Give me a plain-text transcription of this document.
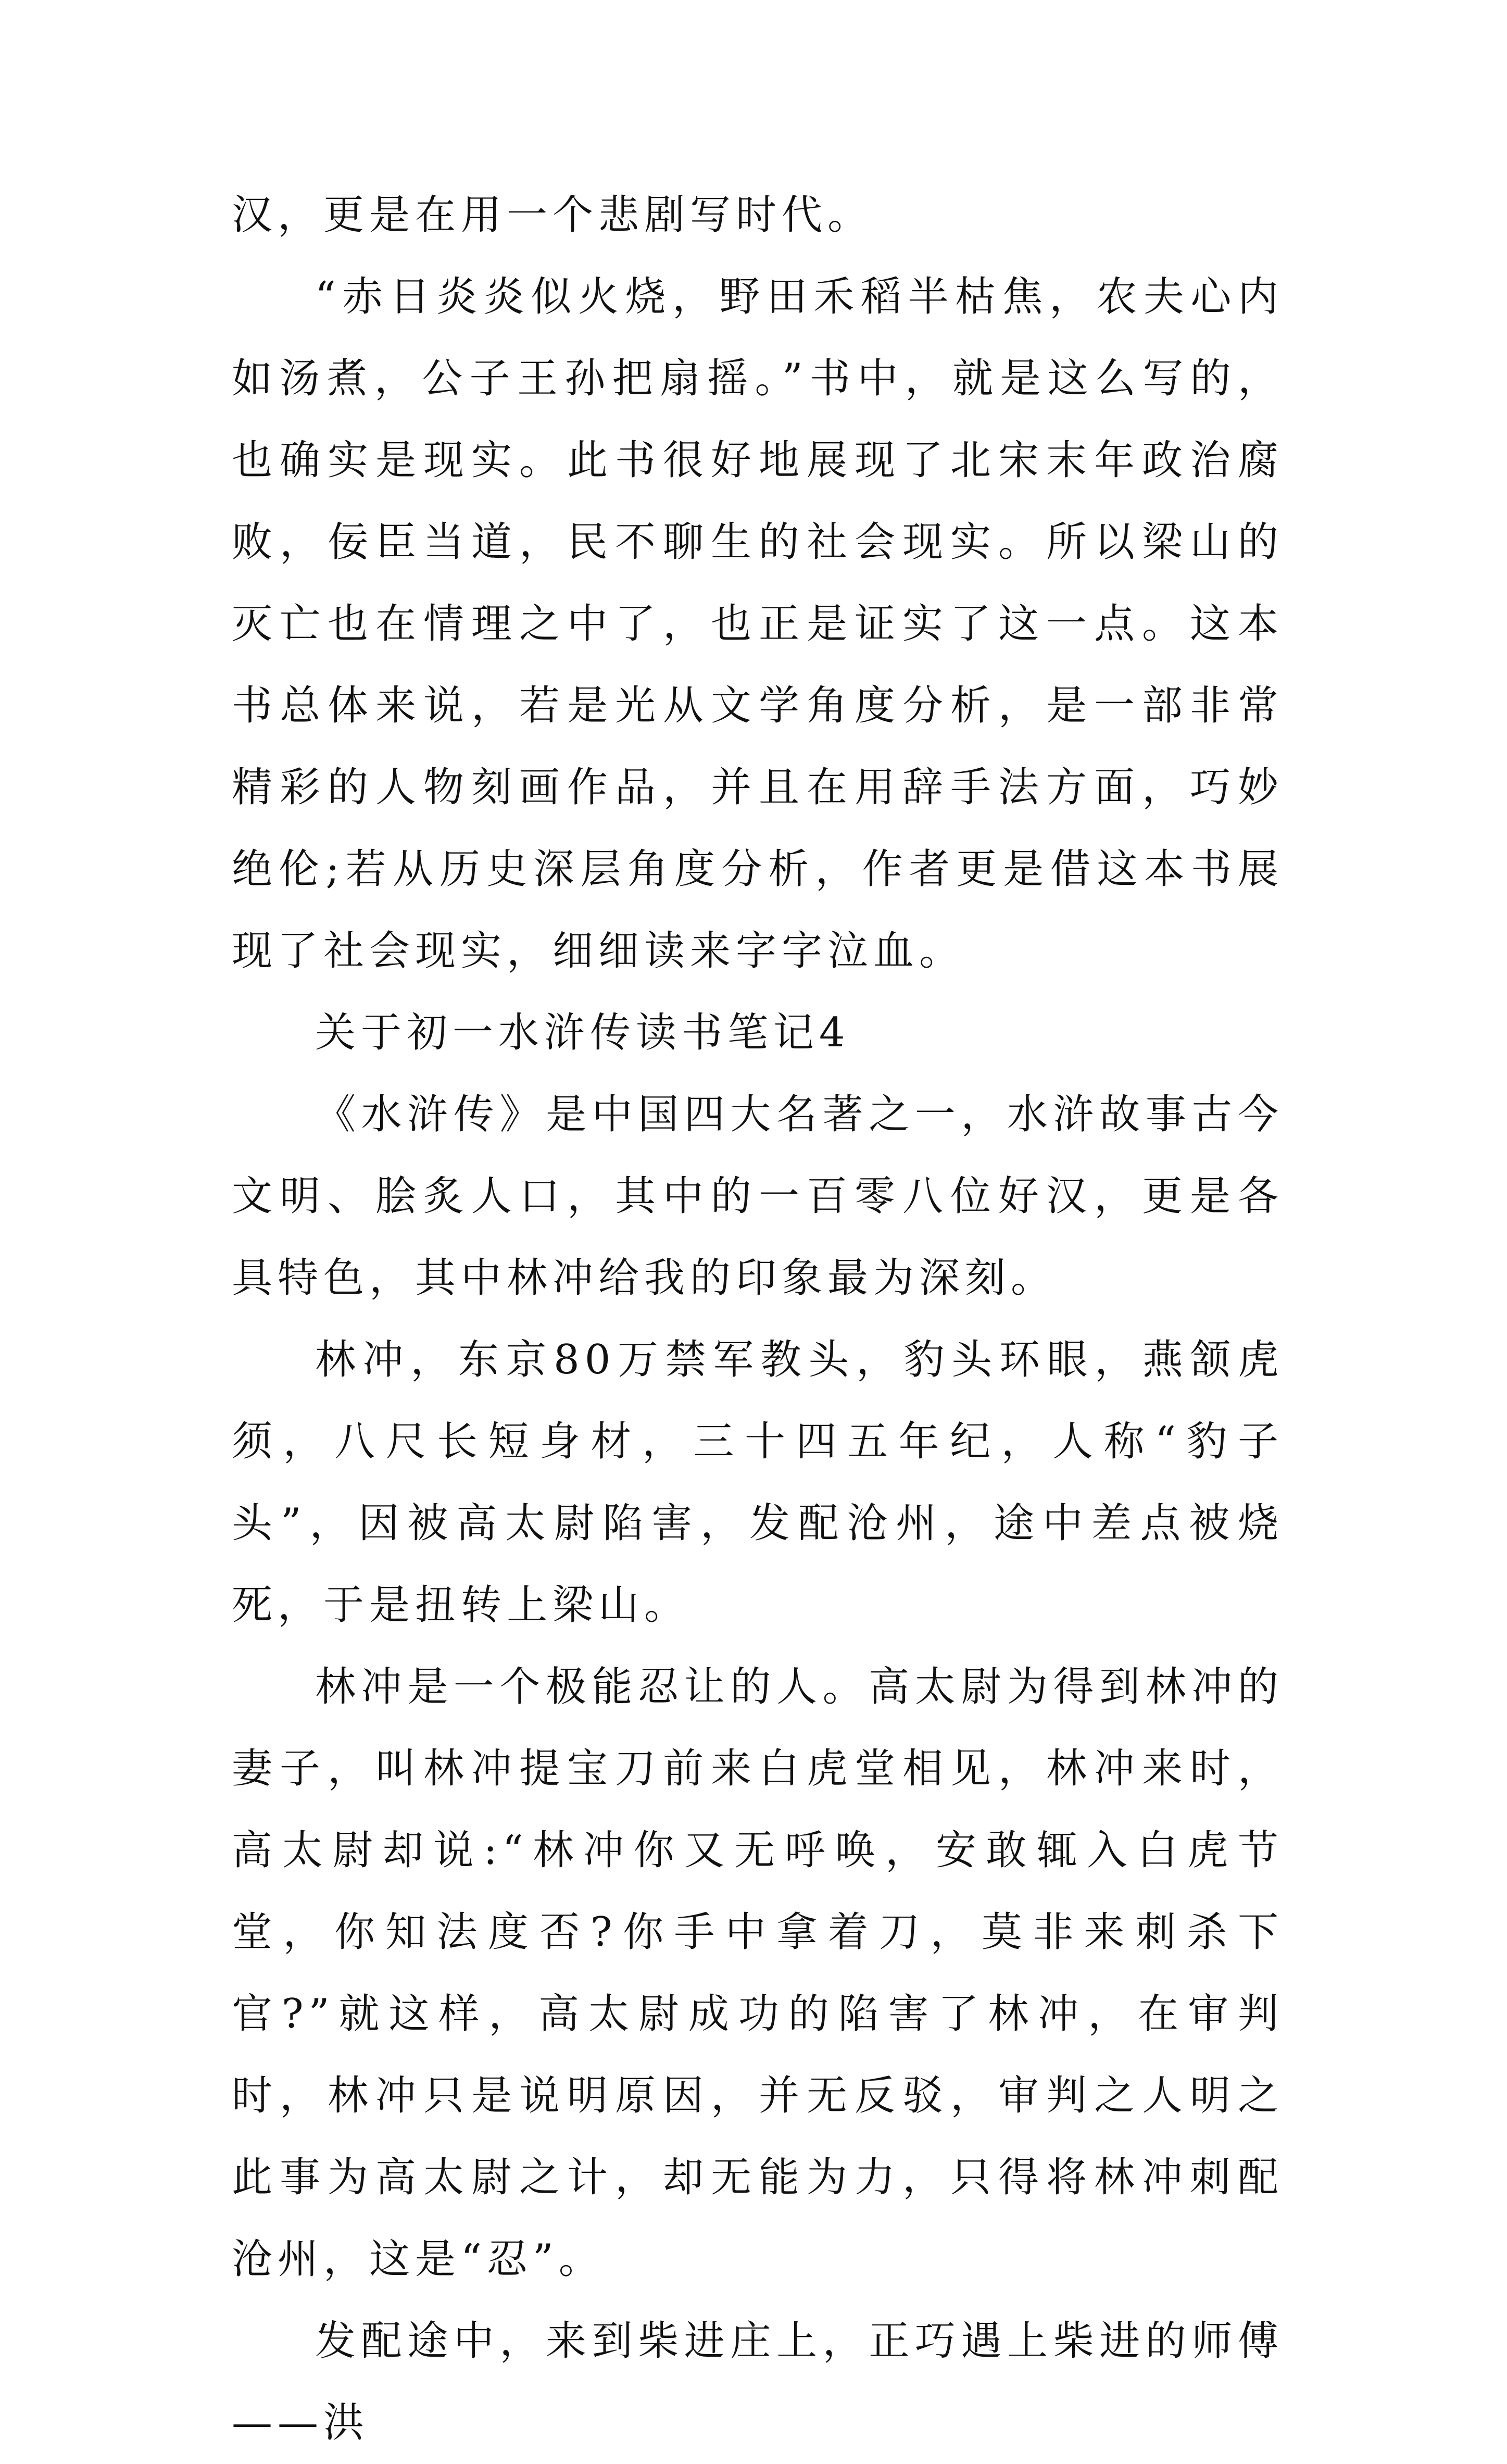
汉，更是在用一个悲剧写时代。

“赤日炎炎似火烧，野田禾稻半枯焦，农夫心内如汤煮，公子王孙把扇摇。”书中，就是这么写的，也确实是现实。此书很好地展现了北宋末年政治腐败，佞臣当道，民不聊生的社会现实。所以梁山的灭亡也在情理之中了，也正是证实了这一点。这本书总体来说，若是光从文学角度分析，是一部非常精彩的人物刻画作品，并且在用辞手法方面，巧妙绝伦;若从历史深层角度分析，作者更是借这本书展现了社会现实，细细读来字字泣血。

关于初一水浒传读书笔记4

《水浒传》是中国四大名著之一，水浒故事古今文明、脍炙人口，其中的一百零八位好汉，更是各具特色，其中林冲给我的印象最为深刻。

林冲，东京80万禁军教头，豹头环眼，燕颔虎须，八尺长短身材，三十四五年纪，人称“豹子头”，因被高太尉陷害，发配沧州，途中差点被烧死，于是扭转上梁山。

林冲是一个极能忍让的人。高太尉为得到林冲的妻子，叫林冲提宝刀前来白虎堂相见，林冲来时，高太尉却说:“林冲你又无呼唤，安敢辄入白虎节堂，你知法度否?你手中拿着刀，莫非来刺杀下官?”就这样，高太尉成功的陷害了林冲，在审判时，林冲只是说明原因，并无反驳，审判之人明之此事为高太尉之计，却无能为力，只得将林冲刺配沧州，这是“忍”。

发配途中，来到柴进庄上，正巧遇上柴进的师傅——洪
